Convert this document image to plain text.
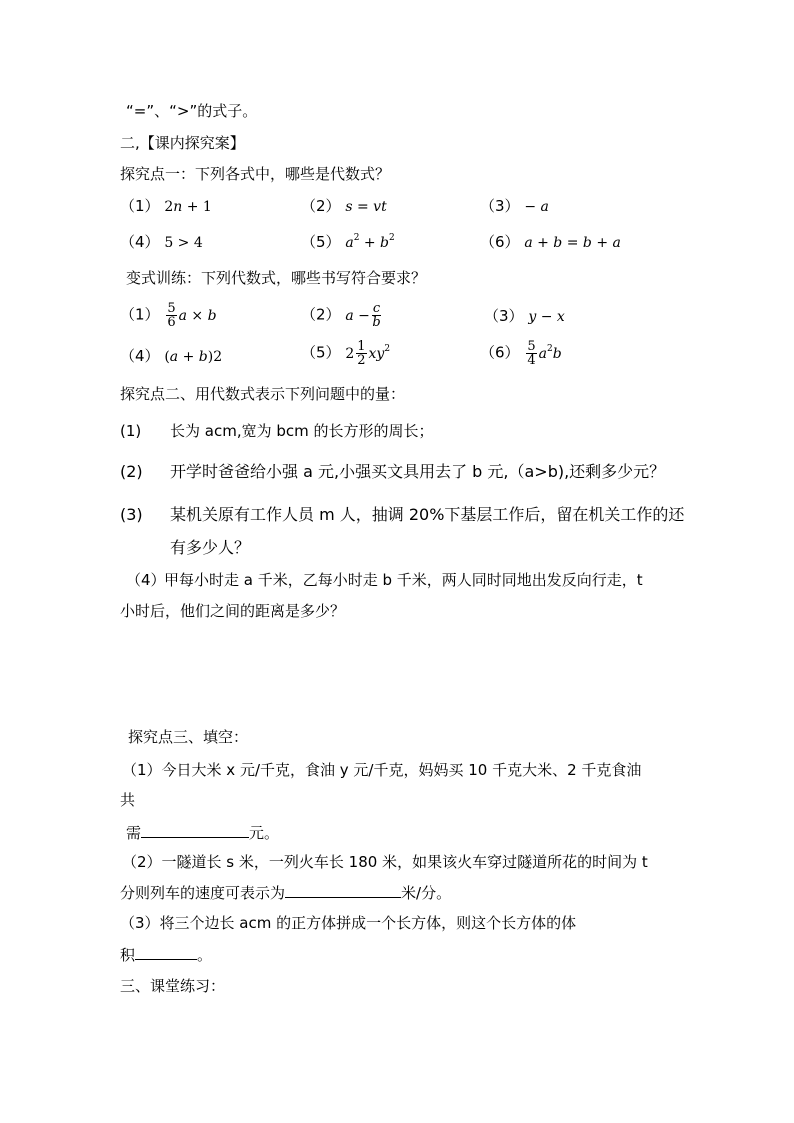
“=”、“>”的式子。
二,【课内探究案】
探究点一：下列各式中，哪些是代数式？
（1） 2n + 1	（2） s = vt	（3） − a
（4） 5 > 4	（5） $a^2 + b^2$	（6） a + b = b + a
变式训练：下列代数式，哪些书写符合要求？
$(1) \frac{5}{6}$ a × b	（2） $a - \frac{c}{b}$	（3） y − x
（4） (a + b)2	（5） $2 \frac{1}{2} xy^2$	$(6) \frac{5}{4} a^2b$
探究点二、用代数式表示下列问题中的量：
(1) 长为 acm,宽为 bcm 的长方形的周长；
(2) 开学时爸爸给小强 a 元,小强买文具用去了 b 元,（a>b),还剩多少元？
(3) 某机关原有工作人员 m 人，抽调 20%下基层工作后，留在机关工作的还
有多少人？
（4）
甲每小时走 a 千米，乙每小时走 b 千米，两人同时同地出发反向行走，t
小时后，他们之间的距离是多少？
探究点三、填空：
（1）今日大米 x 元/千克，食油 y 元/千克，妈妈买 10 千克大米、2 千克食油
共
需	元。
（2）一隧道长 s 米，一列火车长 180 米，如果该火车穿过隧道所花的时间为 t
分则列车的速度可表示为	米/分。
（3）将三个边长 acm 的正方体拼成一个长方体，则这个长方体的体
积	。
三、课堂练习：
